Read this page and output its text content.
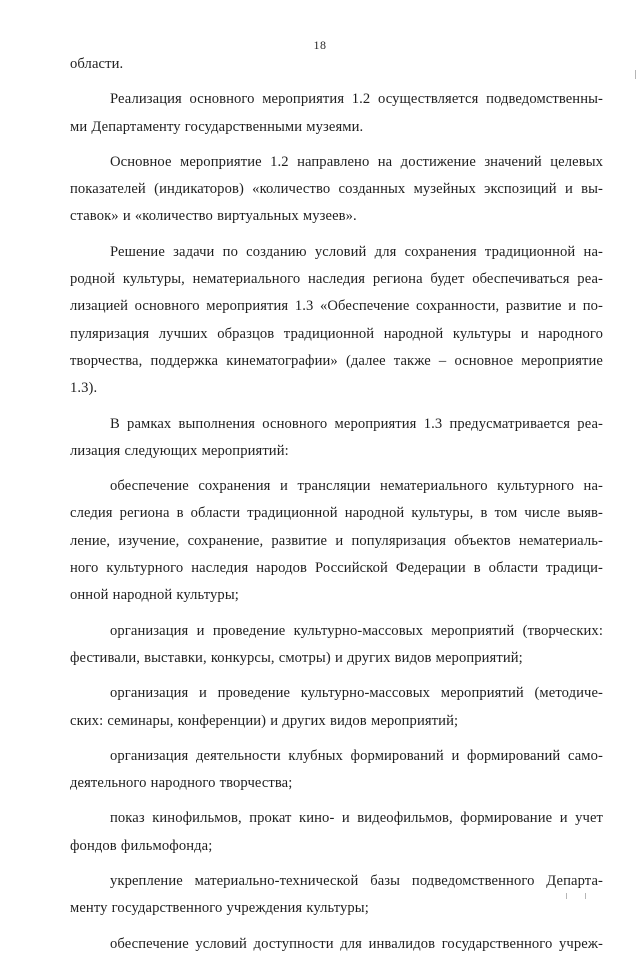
18
области.
Реализация основного мероприятия 1.2 осуществляется подведомственны-
ми Департаменту государственными музеями.
Основное мероприятие 1.2 направлено на достижение значений целевых
показателей (индикаторов) «количество созданных музейных экспозиций и вы-
ставок» и «количество виртуальных музеев».
Решение задачи по созданию условий для сохранения традиционной на-
родной культуры, нематериального наследия региона будет обеспечиваться реа-
лизацией основного мероприятия 1.3 «Обеспечение сохранности, развитие и по-
пуляризация лучших образцов традиционной народной культуры и народного
творчества, поддержка кинематографии» (далее также – основное мероприятие
1.3).
В рамках выполнения основного мероприятия 1.3 предусматривается реа-
лизация следующих мероприятий:
обеспечение сохранения и трансляции нематериального культурного на-
следия региона в области традиционной народной культуры, в том числе выяв-
ление, изучение, сохранение, развитие и популяризация объектов нематериаль-
ного культурного наследия народов Российской Федерации в области традици-
онной народной культуры;
организация и проведение культурно-массовых мероприятий (творческих:
фестивали, выставки, конкурсы, смотры) и других видов мероприятий;
организация и проведение культурно-массовых мероприятий (методиче-
ских: семинары, конференции) и других видов мероприятий;
организация деятельности клубных формирований и формирований само-
деятельного народного творчества;
показ кинофильмов, прокат кино- и видеофильмов, формирование и учет
фондов фильмофонда;
укрепление материально-технической базы подведомственного Департа-
менту государственного учреждения культуры;
обеспечение условий доступности для инвалидов государственного учреж-
